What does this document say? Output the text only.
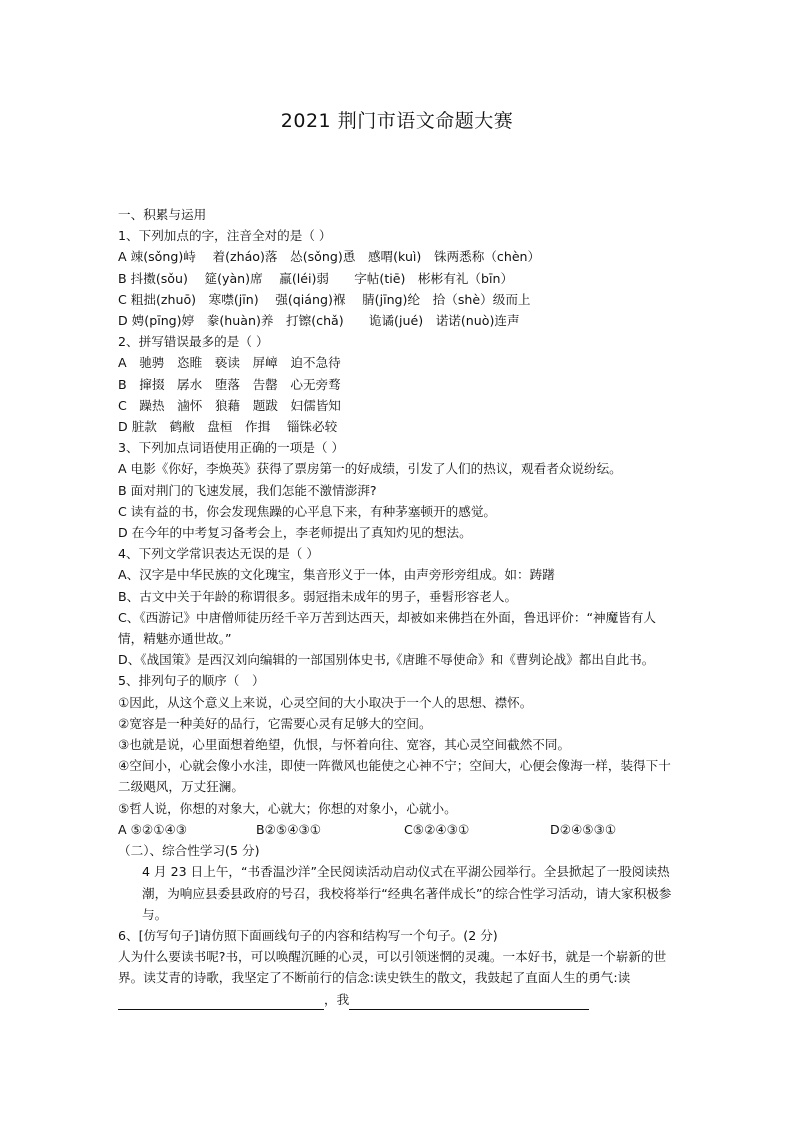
2021 荆门市语文命题大赛
一、积累与运用
1、下列加点的字，注音全对的是（ ）
A 竦(sǒng)峙　 着(zháo)落　怂(sǒng)恿　感喟(kuì)　铢两悉称（chèn）
B 抖擞(sǒu)　 筵(yàn)席　 羸(léi)弱　　字帖(tiē)　彬彬有礼（bīn）
C 粗拙(zhuō)　寒噤(jīn)　 强(qiáng)褓　 腈(jīng)纶　拾（shè）级而上
D 娉(pīng)婷　豢(huàn)养　打镲(chǎ)　　诡谲(jué)　诺诺(nuò)连声
2、拼写错误最多的是（ ）
A　驰骋　恣睢　亵读　屏嶂　迫不急待
B　撺掇　孱水　堕落　告罄　心无旁骛
C　躁热　滷怀　狼藉　题跋　妇儒皆知
D 脏款　鹤敝　盘桓　作揖　 锱铢必较
3、下列加点词语使用正确的一项是（ ）
A 电影《你好，李焕英》获得了票房第一的好成绩，引发了人们的热议，观看者众说纷纭。
B 面对荆门的飞速发展，我们怎能不激情澎湃?
C 读有益的书，你会发现焦躁的心平息下来，有种茅塞顿开的感觉。
D 在今年的中考复习备考会上，李老师提出了真知灼见的想法。
4、下列文学常识表达无误的是（ ）
A、汉字是中华民族的文化瑰宝，集音形义于一体，由声旁形旁组成。如：踌躇
B、古文中关于年龄的称谓很多。弱冠指未成年的男子，垂髫形容老人。
C、《西游记》中唐僧师徒历经千辛万苦到达西天，却被如来佛挡在外面，鲁迅评价：“神魔皆有人情，精魅亦通世故。”
D、《战国策》是西汉刘向编辑的一部国别体史书,《唐雎不辱使命》和《曹刿论战》都出自此书。
5、排列句子的顺序（　）
①因此，从这个意义上来说，心灵空间的大小取决于一个人的思想、襟怀。
②宽容是一种美好的品行，它需要心灵有足够大的空间。
③也就是说，心里面想着绝望，仇恨，与怀着向往、宽容，其心灵空间截然不同。
④空间小，心就会像小水洼，即使一阵微风也能使之心神不宁；空间大，心便会像海一样，装得下十二级飓风，万丈狂澜。
⑤哲人说，你想的对象大，心就大；你想的对象小，心就小。
A ⑤②①④③	B②⑤④③①	C⑤②④③①	D②④⑤③①
（二）、综合性学习(5 分)
4 月 23 日上午，“书香温沙洋”全民阅读活动启动仪式在平湖公园举行。全县掀起了一股阅读热潮，为响应县委县政府的号召，我校将举行“经典名著伴成长”的综合性学习活动，请大家积极参与。
6、[仿写句子]请仿照下面画线句子的内容和结构写一个句子。(2 分)
人为什么要读书呢?书，可以唤醒沉睡的心灵，可以引领迷惘的灵魂。一本好书，就是一个崭新的世界。读艾青的诗歌，我坚定了不断前行的信念:读史铁生的散文，我鼓起了直面人生的勇气:读，我
